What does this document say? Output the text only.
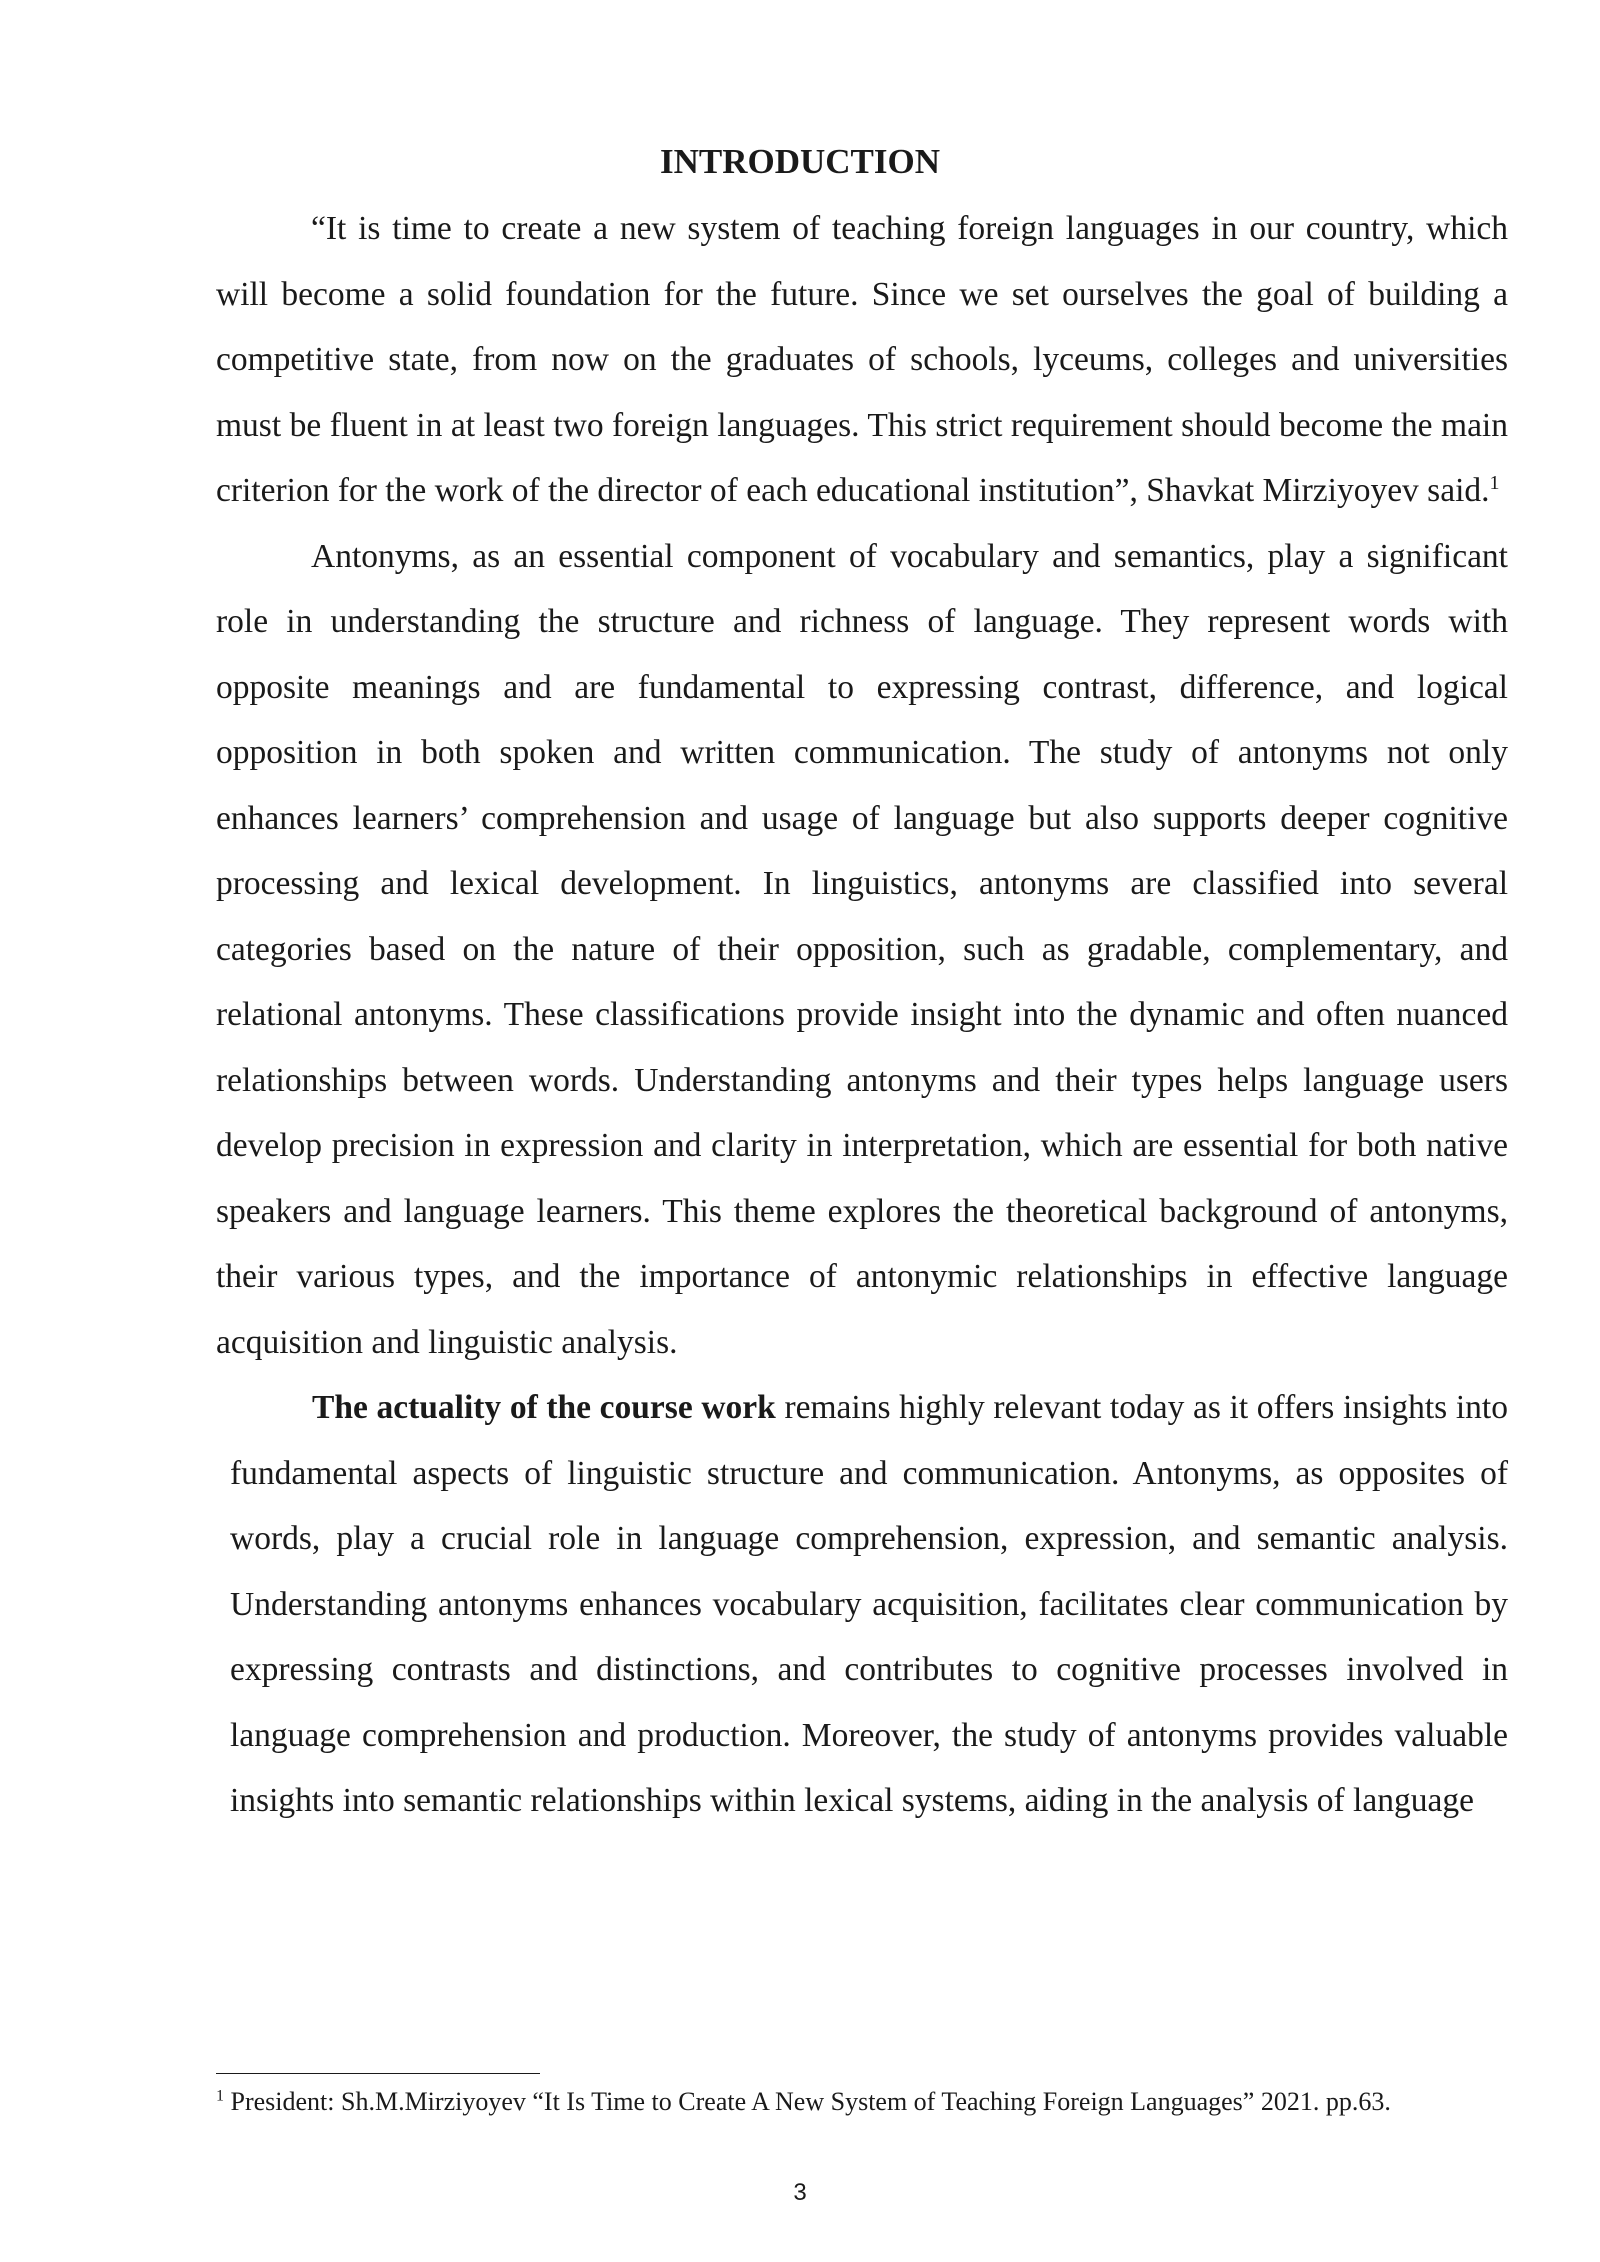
INTRODUCTION

“It is time to create a new system of teaching foreign languages in our country, which will become a solid foundation for the future. Since we set ourselves the goal of building a competitive state, from now on the graduates of schools, lyceums, colleges and universities must be fluent in at least two foreign languages. This strict requirement should become the main criterion for the work of the director of each educational institution”, Shavkat Mirziyoyev said.$^1$

Antonyms, as an essential component of vocabulary and semantics, play a significant role in understanding the structure and richness of language. They represent words with opposite meanings and are fundamental to expressing contrast, difference, and logical opposition in both spoken and written communication. The study of antonyms not only enhances learners’ comprehension and usage of language but also supports deeper cognitive processing and lexical development. In linguistics, antonyms are classified into several categories based on the nature of their opposition, such as gradable, complementary, and relational antonyms. These classifications provide insight into the dynamic and often nuanced relationships between words. Understanding antonyms and their types helps language users develop precision in expression and clarity in interpretation, which are essential for both native speakers and language learners. This theme explores the theoretical background of antonyms, their various types, and the importance of antonymic relationships in effective language acquisition and linguistic analysis.

The actuality of the course work remains highly relevant today as it offers insights into fundamental aspects of linguistic structure and communication. Antonyms, as opposites of words, play a crucial role in language comprehension, expression, and semantic analysis. Understanding antonyms enhances vocabulary acquisition, facilitates clear communication by expressing contrasts and distinctions, and contributes to cognitive processes involved in language comprehension and production. Moreover, the study of antonyms provides valuable insights into semantic relationships within lexical systems, aiding in the analysis of language

$^1$ President: Sh.M.Mirziyoyev “It Is Time to Create A New System of Teaching Foreign Languages” 2021. pp.63.

3
